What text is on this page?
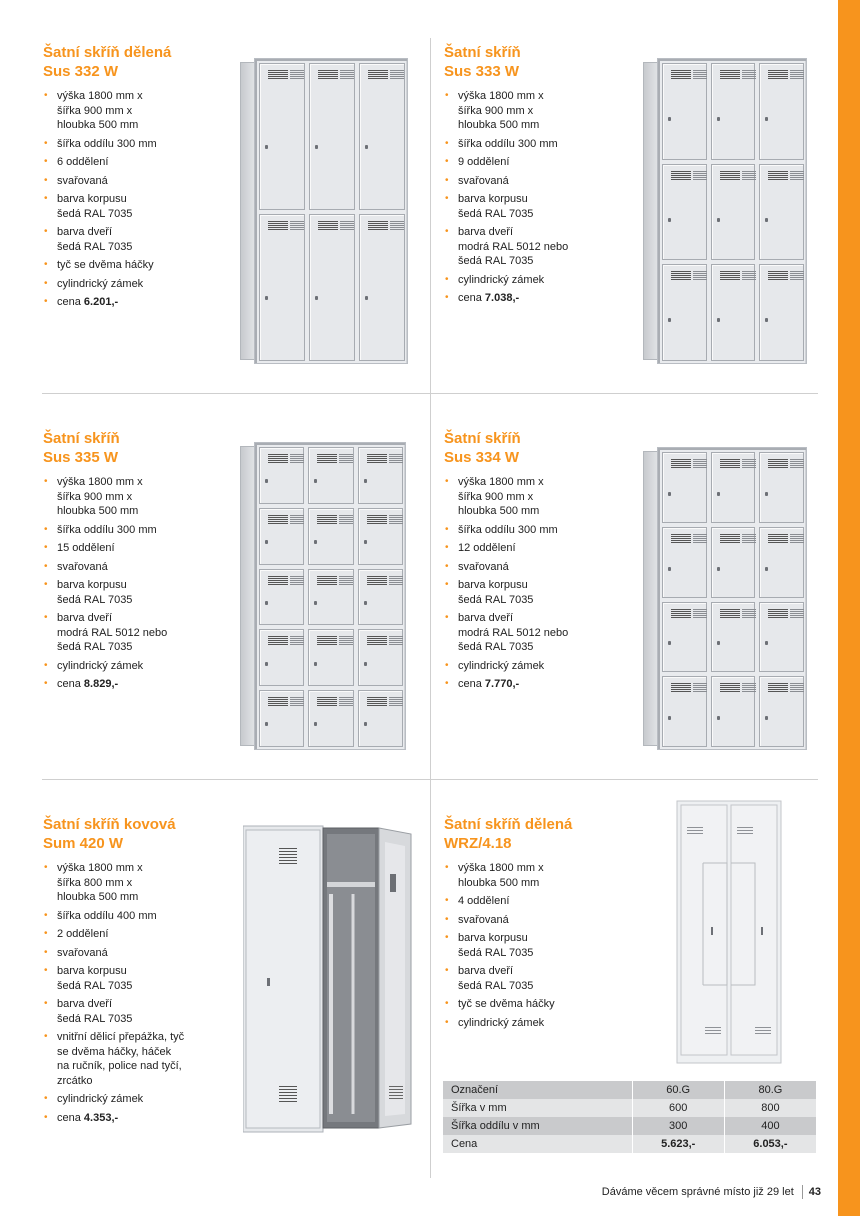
Šatní skříň dělená
Sus 332 W
• výška 1800 mm x
šířka 900 mm x
hloubka 500 mm
• šířka oddílu 300 mm
• 6 oddělení
• svařovaná
• barva korpusu
šedá RAL 7035
• barva dveří
šedá RAL 7035
• tyč se dvěma háčky
• cylindrický zámek
• cena 6.201,-
Šatní skříň
Sus 333 W
• výška 1800 mm x
šířka 900 mm x
hloubka 500 mm
• šířka oddílu 300 mm
• 9 oddělení
• svařovaná
• barva korpusu
šedá RAL 7035
• barva dveří
modrá RAL 5012 nebo
šedá RAL 7035
• cylindrický zámek
• cena 7.038,-
Šatní skříň
Sus 335 W
• výška 1800 mm x
šířka 900 mm x
hloubka 500 mm
• šířka oddílu 300 mm
• 15 oddělení
• svařovaná
• barva korpusu
šedá RAL 7035
• barva dveří
modrá RAL 5012 nebo
šedá RAL 7035
• cylindrický zámek
• cena 8.829,-
Šatní skříň
Sus 334 W
• výška 1800 mm x
šířka 900 mm x
hloubka 500 mm
• šířka oddílu 300 mm
• 12 oddělení
• svařovaná
• barva korpusu
šedá RAL 7035
• barva dveří
modrá RAL 5012 nebo
šedá RAL 7035
• cylindrický zámek
• cena 7.770,-
Šatní skříň kovová
Sum 420 W
• výška 1800 mm x
šířka 800 mm x
hloubka 500 mm
• šířka oddílu 400 mm
• 2 oddělení
• svařovaná
• barva korpusu
šedá RAL 7035
• barva dveří
šedá RAL 7035
• vnitřní dělicí přepážka, tyč
se dvěma háčky, háček
na ručník, police nad tyčí,
zrcátko
• cylindrický zámek
• cena 4.353,-
Šatní skříň dělená
WRZ/4.18
• výška 1800 mm x
hloubka 500 mm
• 4 oddělení
• svařovaná
• barva korpusu
šedá RAL 7035
• barva dveří
šedá RAL 7035
• tyč se dvěma háčky
• cylindrický zámek
Označení	60.G	80.G
Šířka v mm	600	800
Šířka oddílu v mm	300	400
Cena	5.623,-	6.053,-
Dáváme věcem správné místo již 29 let 43
